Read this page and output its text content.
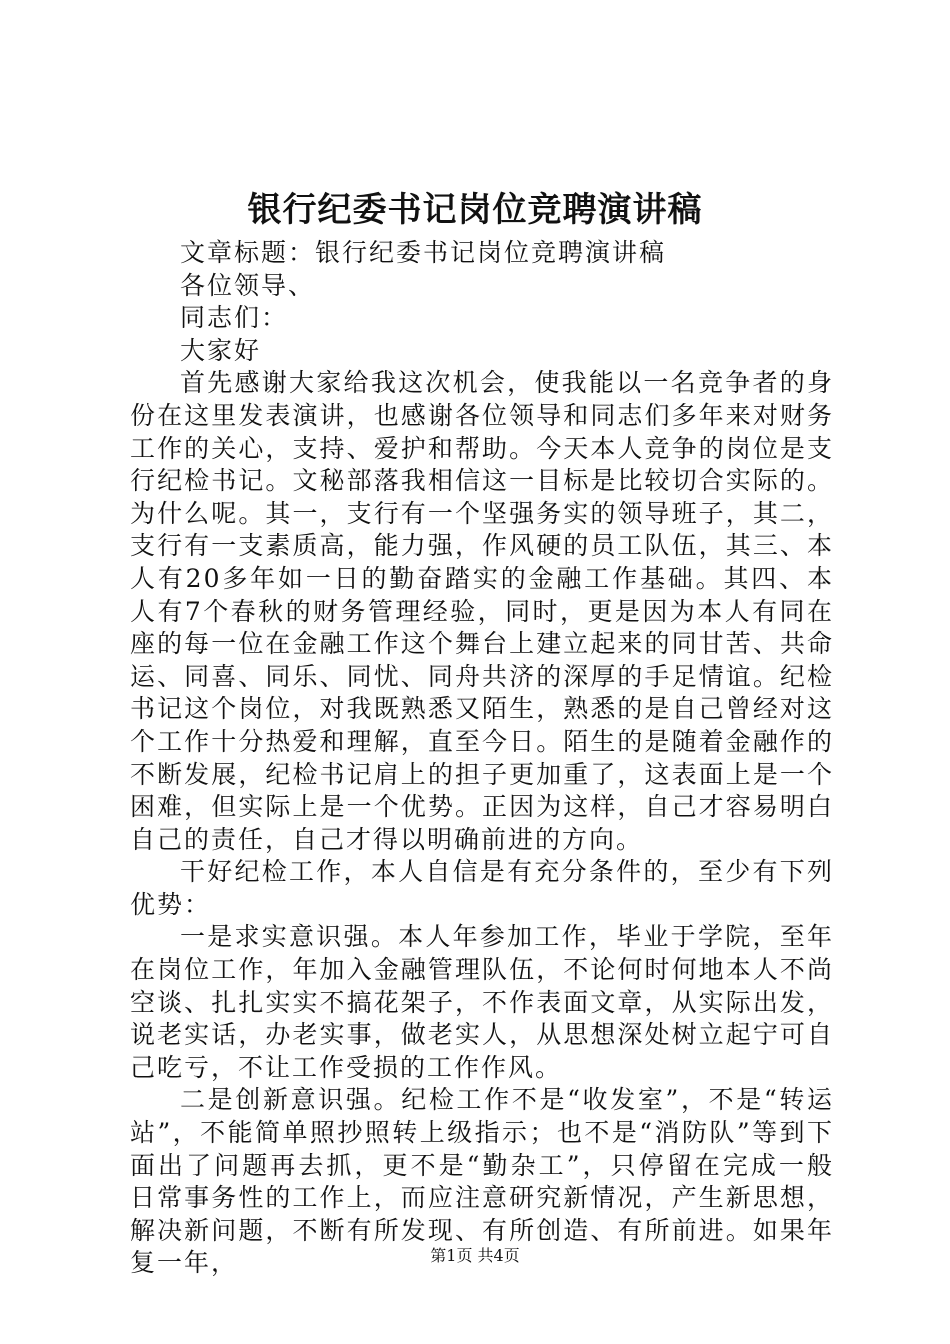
银行纪委书记岗位竞聘演讲稿

文章标题：银行纪委书记岗位竞聘演讲稿

各位领导、

同志们：

大家好

首先感谢大家给我这次机会，使我能以一名竞争者的身份在这里发表演讲，也感谢各位领导和同志们多年来对财务工作的关心，支持、爱护和帮助。今天本人竞争的岗位是支行纪检书记。文秘部落我相信这一目标是比较切合实际的。为什么呢。其一，支行有一个坚强务实的领导班子，其二，支行有一支素质高，能力强，作风硬的员工队伍，其三、本人有20多年如一日的勤奋踏实的金融工作基础。其四、本人有7个春秋的财务管理经验，同时，更是因为本人有同在座的每一位在金融工作这个舞台上建立起来的同甘苦、共命运、同喜、同乐、同忧、同舟共济的深厚的手足情谊。纪检书记这个岗位，对我既熟悉又陌生，熟悉的是自己曾经对这个工作十分热爱和理解，直至今日。陌生的是随着金融作的不断发展，纪检书记肩上的担子更加重了，这表面上是一个困难，但实际上是一个优势。正因为这样，自己才容易明白自己的责任，自己才得以明确前进的方向。

干好纪检工作，本人自信是有充分条件的，至少有下列优势：

一是求实意识强。本人年参加工作，毕业于学院，至年在岗位工作，年加入金融管理队伍，不论何时何地本人不尚空谈、扎扎实实不搞花架子，不作表面文章，从实际出发，说老实话，办老实事，做老实人，从思想深处树立起宁可自己吃亏，不让工作受损的工作作风。

二是创新意识强。纪检工作不是“收发室”，不是“转运站”，不能简单照抄照转上级指示；也不是“消防队”等到下面出了问题再去抓，更不是“勤杂工”，只停留在完成一般日常事务性的工作上，而应注意研究新情况，产生新思想，解决新问题，不断有所发现、有所创造、有所前进。如果年复一年，	第1页 共4页
